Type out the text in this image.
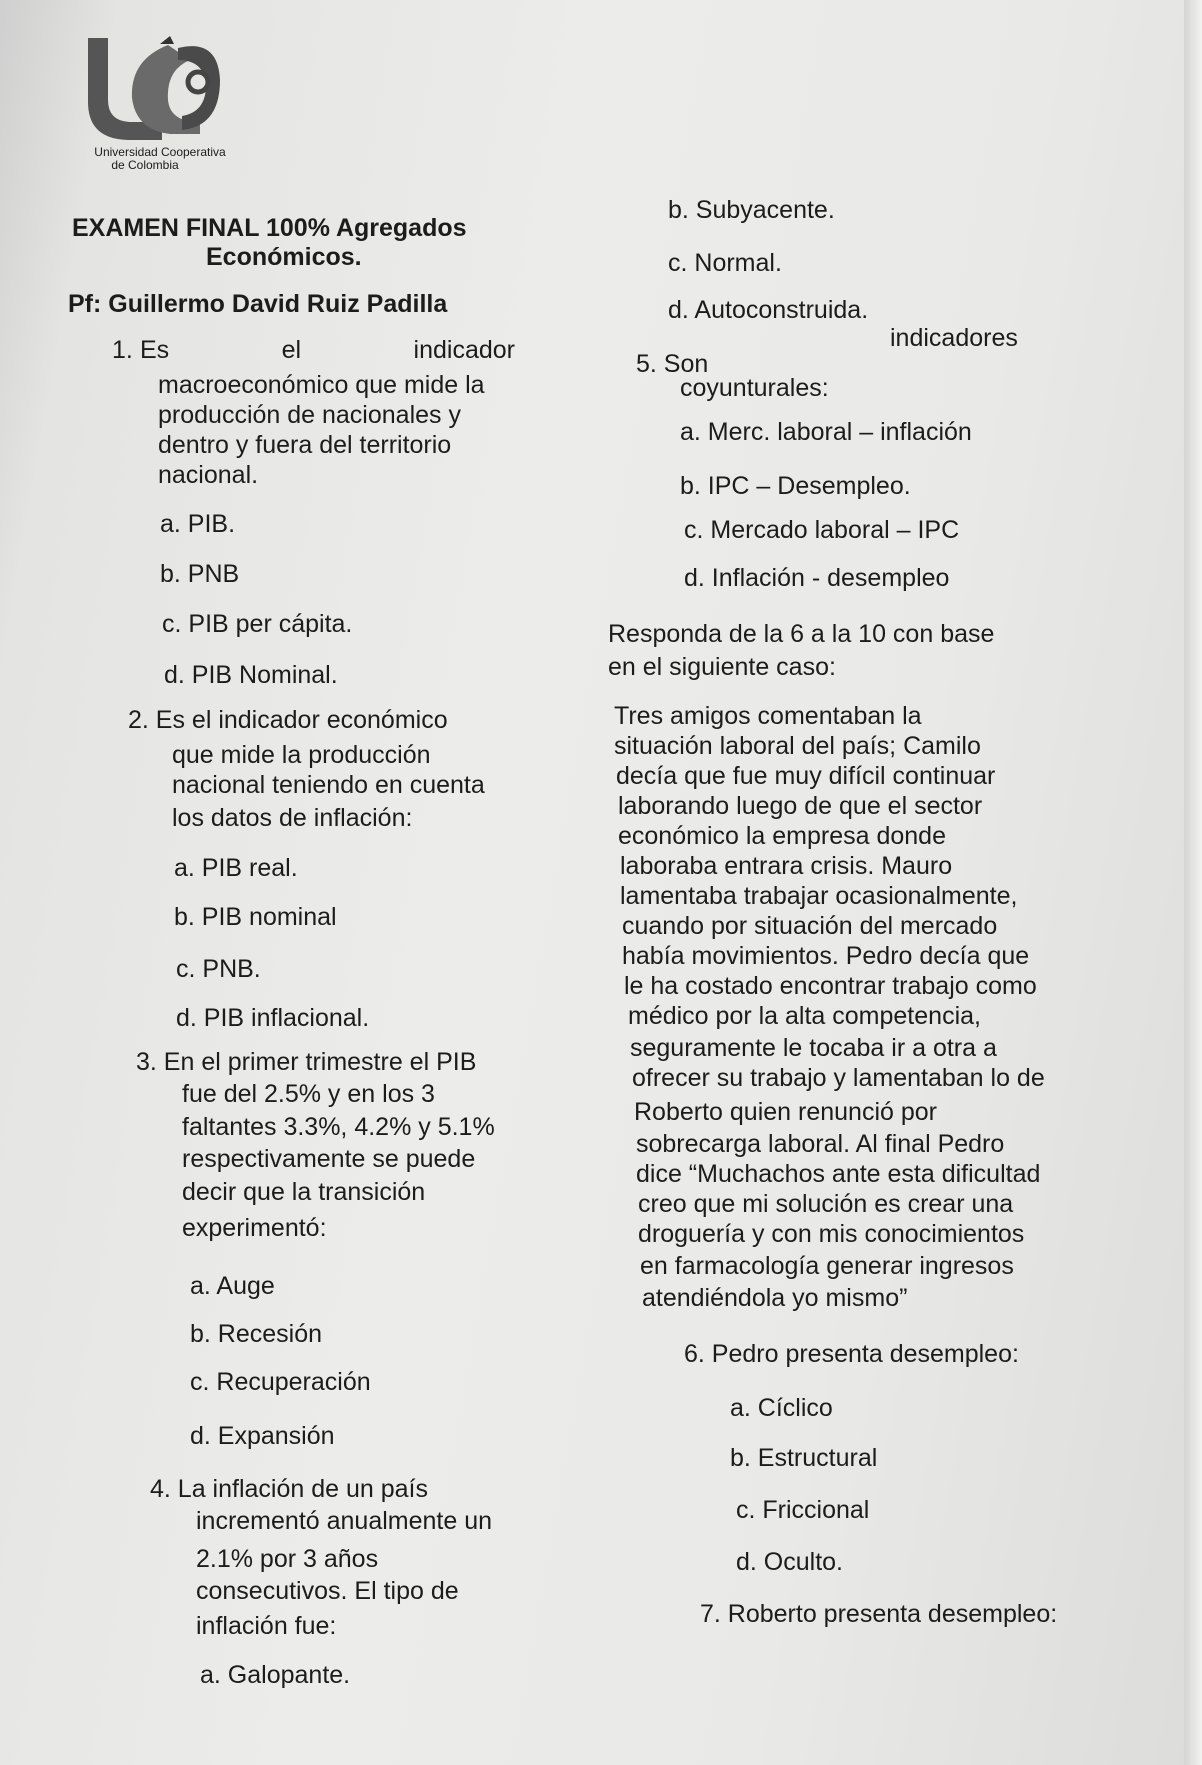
Universidad Cooperativa
de Colombia
EXAMEN FINAL 100% Agregados
Económicos.
Pf: Guillermo David Ruiz Padilla
1. Es	el	indicador
macroeconómico que mide la
producción de nacionales y
dentro y fuera del territorio
nacional.
a. PIB.
b. PNB
c. PIB per cápita.
d. PIB Nominal.
2. Es el indicador económico
que mide la producción
nacional teniendo en cuenta
los datos de inflación:
a. PIB real.
b. PIB nominal
c. PNB.
d. PIB inflacional.
3. En el primer trimestre el PIB
fue del 2.5% y en los 3
faltantes 3.3%, 4.2% y 5.1%
respectivamente se puede
decir que la transición
experimentó:
a. Auge
b. Recesión
c. Recuperación
d. Expansión
4. La inflación de un país
incrementó anualmente un
2.1% por 3 años
consecutivos. El tipo de
inflación fue:
a. Galopante.
b. Subyacente.
c. Normal.
d. Autoconstruida.
5. Son
indicadores
coyunturales:
a. Merc. laboral – inflación
b. IPC – Desempleo.
c. Mercado laboral – IPC
d. Inflación - desempleo
Responda de la 6 a la 10 con base
en el siguiente caso:
Tres amigos comentaban la
situación laboral del país; Camilo
decía que fue muy difícil continuar
laborando luego de que el sector
económico la empresa donde
laboraba entrara crisis. Mauro
lamentaba trabajar ocasionalmente,
cuando por situación del mercado
había movimientos. Pedro decía que
le ha costado encontrar trabajo como
médico por la alta competencia,
seguramente le tocaba ir a otra a
ofrecer su trabajo y lamentaban lo de
Roberto quien renunció por
sobrecarga laboral. Al final Pedro
dice “Muchachos ante esta dificultad
creo que mi solución es crear una
droguería y con mis conocimientos
en farmacología generar ingresos
atendiéndola yo mismo”
6. Pedro presenta desempleo:
a. Cíclico
b. Estructural
c. Friccional
d. Oculto.
7. Roberto presenta desempleo:
